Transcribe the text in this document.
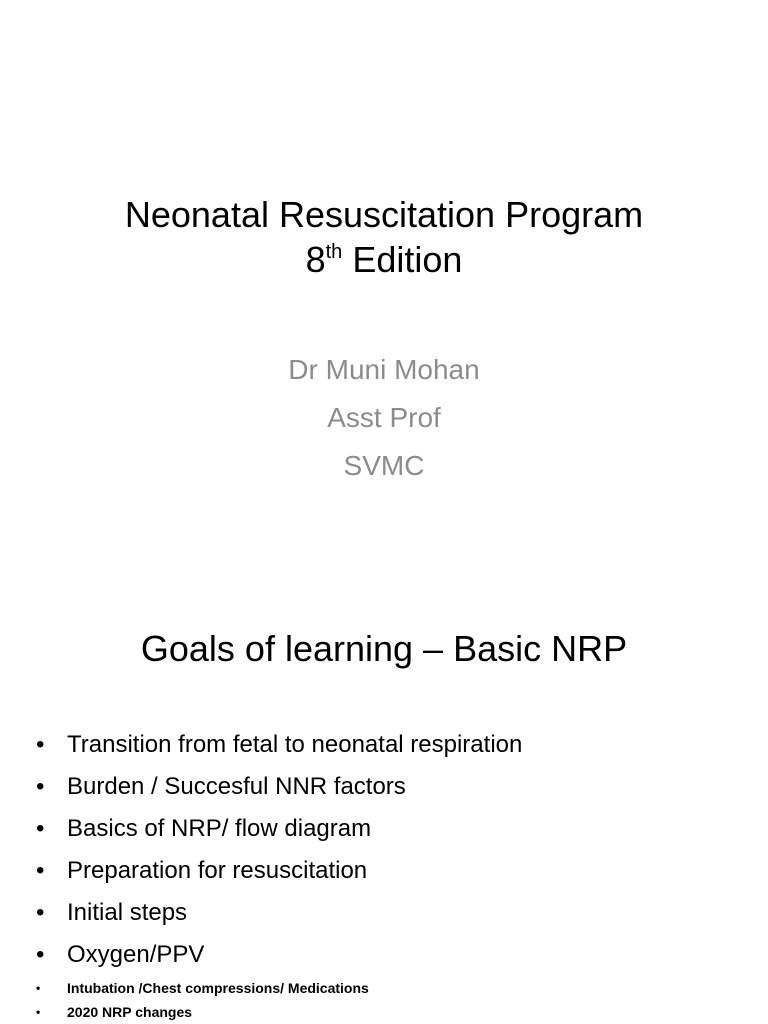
Neonatal Resuscitation Program
8th Edition
Dr Muni Mohan
Asst Prof
SVMC
Goals of learning – Basic NRP
• Transition from fetal to neonatal respiration
• Burden / Succesful NNR factors
• Basics of NRP/ flow diagram
• Preparation for resuscitation
• Initial steps
• Oxygen/PPV
• Intubation /Chest compressions/ Medications
• 2020 NRP changes
